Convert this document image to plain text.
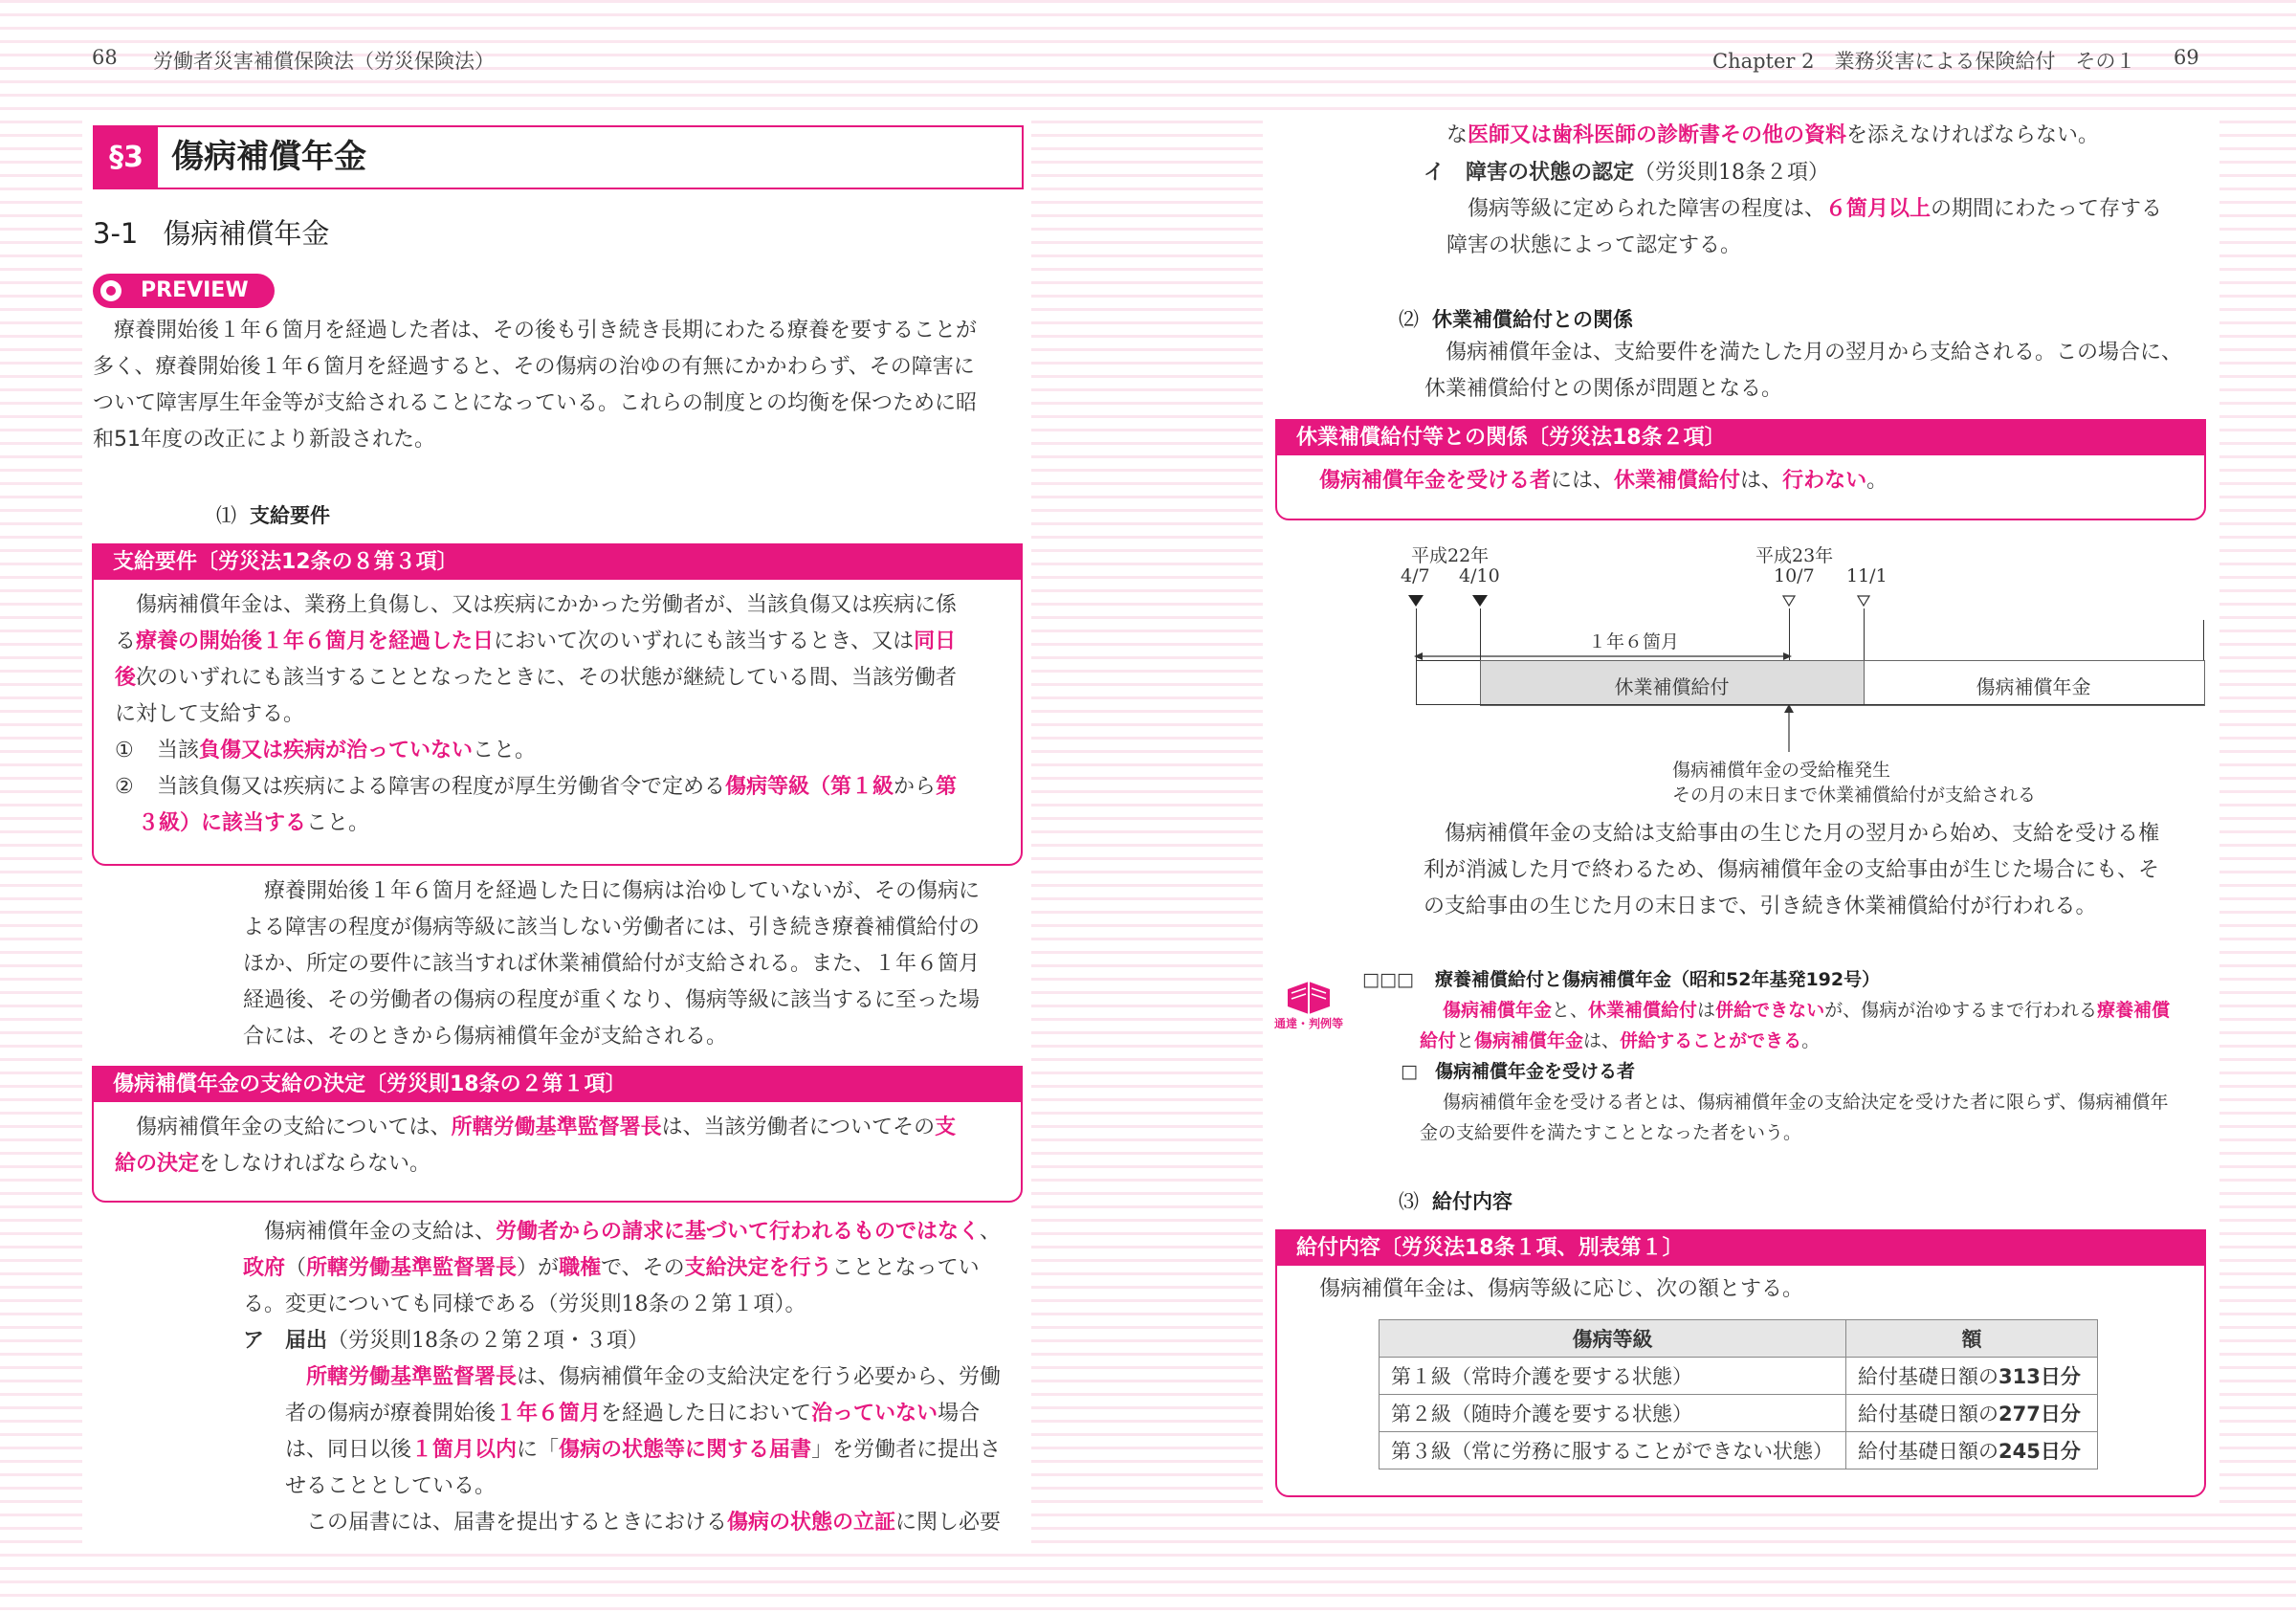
68 労働者災害補償保険法（労災保険法）
§3 傷病補償年金
3-1 傷病補償年金
PREVIEW

療養開始後１年６箇月を経過した者は、その後も引き続き長期にわたる療養を要することが

多く、療養開始後１年６箇月を経過すると、その傷病の治ゆの有無にかかわらず、その障害に

ついて障害厚生年金等が支給されることになっている。これらの制度との均衡を保つために昭

和51年度の改正により新設された。

⑴ 支給要件
支給要件〔労災法12条の８第３項〕

傷病補償年金は、業務上負傷し、又は疾病にかかった労働者が、当該負傷又は疾病に係

る療養の開始後１年６箇月を経過した日において次のいずれにも該当するとき、又は同日

後次のいずれにも該当することとなったときに、その状態が継続している間、当該労働者

に対して支給する。

① 当該負傷又は疾病が治っていないこと。

② 当該負傷又は疾病による障害の程度が厚生労働省令で定める傷病等級（第１級から第

３級）に該当すること。

療養開始後１年６箇月を経過した日に傷病は治ゆしていないが、その傷病に

よる障害の程度が傷病等級に該当しない労働者には、引き続き療養補償給付の

ほか、所定の要件に該当すれば休業補償給付が支給される。また、１年６箇月

経過後、その労働者の傷病の程度が重くなり、傷病等級に該当するに至った場

合には、そのときから傷病補償年金が支給される。

傷病補償年金の支給の決定〔労災則18条の２第１項〕

傷病補償年金の支給については、所轄労働基準監督署長は、当該労働者についてその支

給の決定をしなければならない。

傷病補償年金の支給は、労働者からの請求に基づいて行われるものではなく、

政府（所轄労働基準監督署長）が職権で、その支給決定を行うこととなってい

る。変更についても同様である（労災則18条の２第１項）。

ア 届出（労災則18条の２第２項・３項）

所轄労働基準監督署長は、傷病補償年金の支給決定を行う必要から、労働

者の傷病が療養開始後１年６箇月を経過した日において治っていない場合

は、同日以後１箇月以内に「傷病の状態等に関する届書」を労働者に提出さ

せることとしている。

この届書には、届書を提出するときにおける傷病の状態の立証に関し必要

Chapter 2　業務災害による保険給付　その１ 69

な医師又は歯科医師の診断書その他の資料を添えなければならない。

イ 障害の状態の認定（労災則18条２項）

傷病等級に定められた障害の程度は、６箇月以上の期間にわたって存する

障害の状態によって認定する。

⑵ 休業補償給付との関係

傷病補償年金は、支給要件を満たした月の翌月から支給される。この場合に、

休業補償給付との関係が問題となる。

休業補償給付等との関係〔労災法18条２項〕

傷病補償年金を受ける者には、休業補償給付は、行わない。

平成22年
4/7 4/10
平成23年
10/7 11/1
１年６箇月
休業補償給付	傷病補償年金
傷病補償年金の受給権発生
その月の末日まで休業補償給付が支給される

傷病補償年金の支給は支給事由の生じた月の翌月から始め、支給を受ける権

利が消滅した月で終わるため、傷病補償年金の支給事由が生じた場合にも、そ

の支給事由の生じた月の末日まで、引き続き休業補償給付が行われる。

通達・判例等
□□□ 療養補償給付と傷病補償年金（昭和52年基発192号）
傷病補償年金と、休業補償給付は併給できないが、傷病が治ゆするまで行われる療養補償
給付と傷病補償年金は、併給することができる。
□ 傷病補償年金を受ける者
傷病補償年金を受ける者とは、傷病補償年金の支給決定を受けた者に限らず、傷病補償年
金の支給要件を満たすこととなった者をいう。
⑶ 給付内容
給付内容〔労災法18条１項、別表第１〕

傷病補償年金は、傷病等級に応じ、次の額とする。

傷病等級	額
第１級（常時介護を要する状態）	給付基礎日額の313日分
第２級（随時介護を要する状態）	給付基礎日額の277日分
第３級（常に労務に服することができない状態）	給付基礎日額の245日分
